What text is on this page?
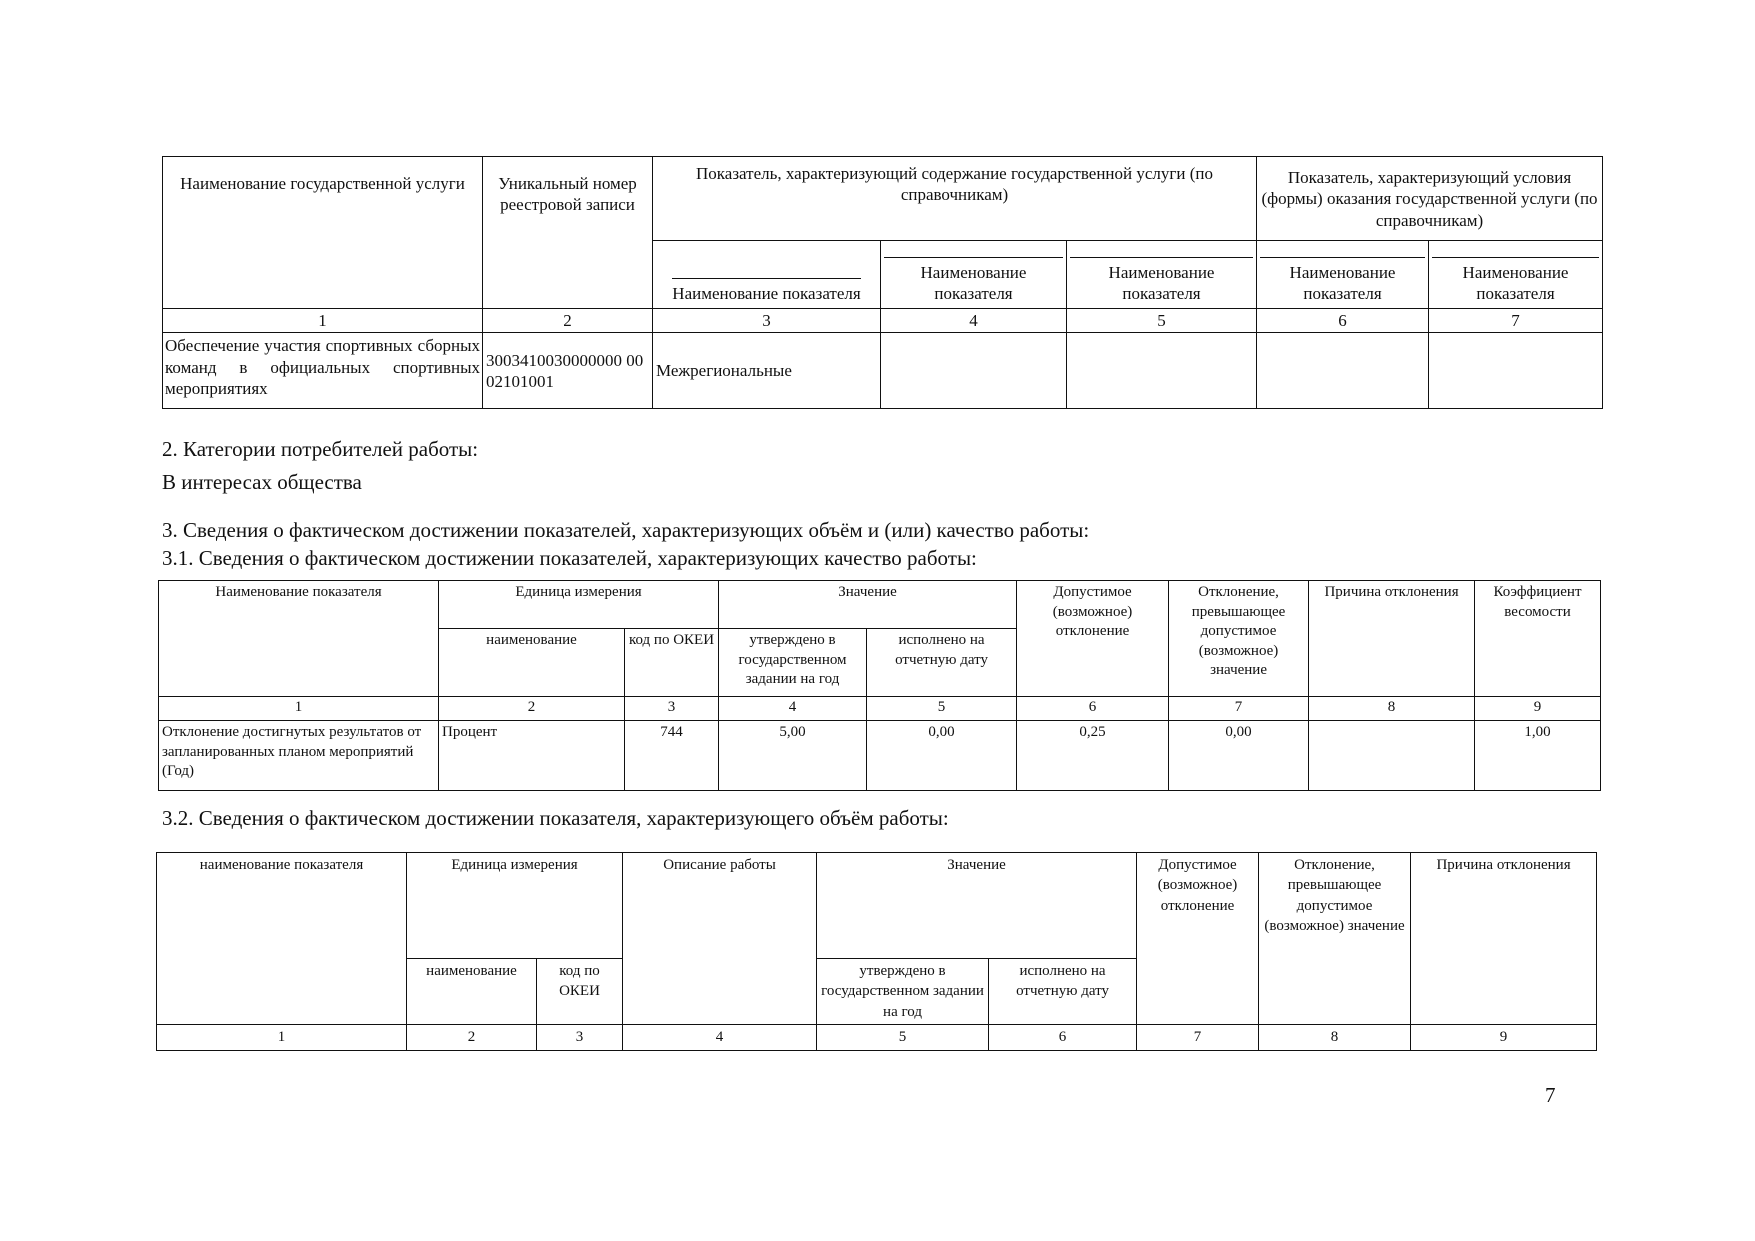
Наименование государственной услуги	Уникальный номер реестровой записи	Показатель, характеризующий содержание государственной услуги (по справочникам)			Показатель, характеризующий условия (формы) оказания государственной услуги (по справочникам)	
		Наименование показателя	Наименование показателя	Наименование показателя	Наименование показателя	Наименование показателя
1	2	3	4	5	6	7
Обеспечение участия спортивных сборных команд в официальных спортивных мероприятиях	3003410030000000 0002101001	Межрегиональные				
2. Категории потребителей работы:
В интересах общества
3. Сведения о фактическом достижении показателей, характеризующих объём и (или) качество работы:
3.1. Сведения о фактическом достижении показателей, характеризующих качество работы:
Наименование показателя	Единица измерения		Значение		Допустимое (возможное) отклонение	Отклонение, превышающее допустимое (возможное) значение	Причина отклонения	Коэффициент весомости
	наименование	код по ОКЕИ	утверждено в государственном задании на год	исполнено на отчетную дату				
1	2	3	4	5	6	7	8	9
Отклонение достигнутых результатов от запланированных планом мероприятий (Год)	Процент	744	5,00	0,00	0,25	0,00		1,00
3.2. Сведения о фактическом достижении показателя, характеризующего объём работы:
наименование показателя	Единица измерения		Описание работы	Значение		Допустимое (возможное) отклонение	Отклонение, превышающее допустимое (возможное) значение	Причина отклонения
	наименование	код по ОКЕИ		утверждено в государственном задании на год	исполнено на отчетную дату			
1	2	3	4	5	6	7	8	9
7
